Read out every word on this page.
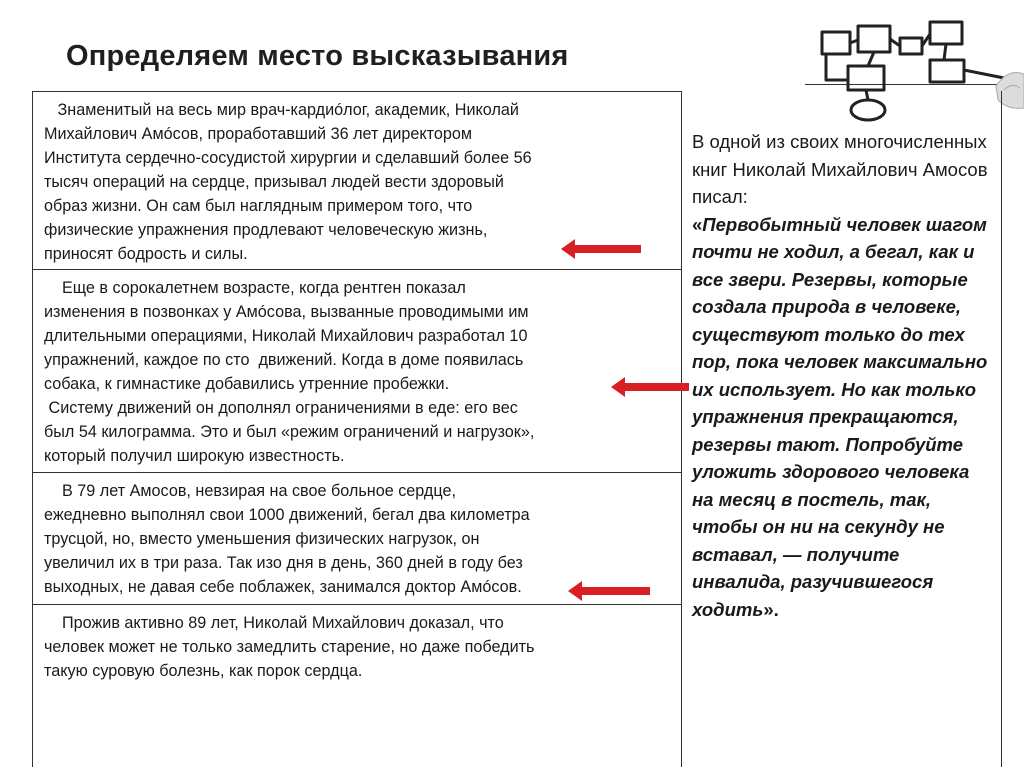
Определяем место высказывания
Знаменитый на весь мир врач-кардиóлог, академик, Николай
Михайлович Амóсов, проработавший 36 лет директором
Института сердечно-сосудистой хирургии и сделавший более 56
тысяч операций на сердце, призывал людей вести здоровый
образ жизни. Он сам был наглядным примером того, что
физические упражнения продлевают человеческую жизнь,
приносят бодрость и силы.
Еще в сорокалетнем возрасте, когда рентген показал
изменения в позвонках у Амóсова, вызванные проводимыми им
длительными операциями, Николай Михайлович разработал 10
упражнений, каждое по сто  движений. Когда в доме появилась
собака, к гимнастике добавились утренние пробежки.
Систему движений он дополнял ограничениями в еде: его вес
был 54 килограмма. Это и был «режим ограничений и нагрузок»,
который получил широкую известность.
В 79 лет Амосов, невзирая на свое больное сердце,
ежедневно выполнял свои 1000 движений, бегал два километра
трусцой, но, вместо уменьшения физических нагрузок, он
увеличил их в три раза. Так изо дня в день, 360 дней в году без
выходных, не давая себе поблажек, занимался доктор Амóсов.
Прожив активно 89 лет, Николай Михайлович доказал, что
человек может не только замедлить старение, но даже победить
такую суровую болезнь, как порок сердца.
В одной из своих многочисленных книг Николай Михайлович Амосов писал:
«Первобытный человек шагом почти не ходил, а бегал, как и все звери. Резервы, которые создала природа в человеке, существуют только до тех пор, пока человек максимально их использует. Но как только упражнения прекращаются, резервы тают. Попробуйте уложить здорового человека на месяц в постель, так, чтобы он ни на секунду не вставал, — получите инвалида, разучившегося ходить».
